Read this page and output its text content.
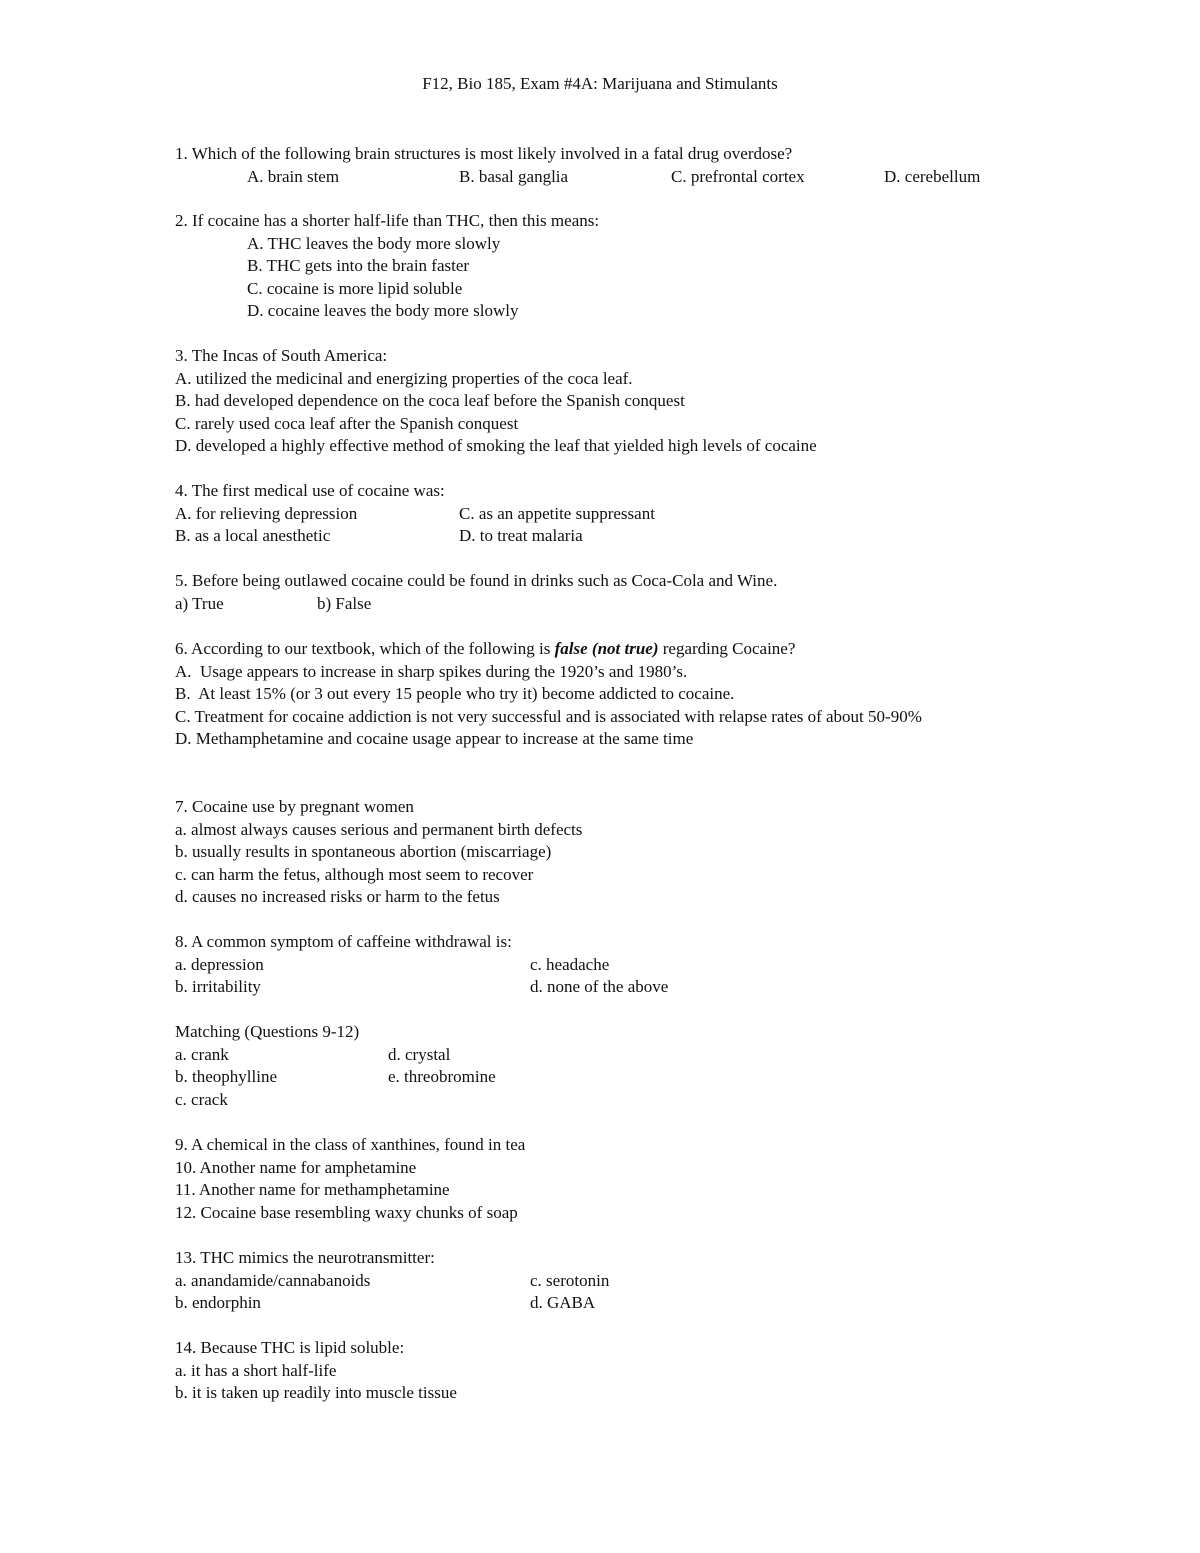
F12, Bio 185, Exam #4A: Marijuana and Stimulants
1. Which of the following brain structures is most likely involved in a fatal drug overdose?
A. brain stem	B. basal ganglia	C. prefrontal cortex	D. cerebellum
2. If cocaine has a shorter half-life than THC, then this means:
A. THC leaves the body more slowly
B. THC gets into the brain faster
C. cocaine is more lipid soluble
D. cocaine leaves the body more slowly
3. The Incas of South America:
A. utilized the medicinal and energizing properties of the coca leaf.
B. had developed dependence on the coca leaf before the Spanish conquest
C. rarely used coca leaf after the Spanish conquest
D. developed a highly effective method of smoking the leaf that yielded high levels of cocaine
4. The first medical use of cocaine was:
A. for relieving depression	C. as an appetite suppressant
B. as a local anesthetic	D. to treat malaria
5. Before being outlawed cocaine could be found in drinks such as Coca-Cola and Wine.
a) True	b) False
6. According to our textbook, which of the following is false (not true) regarding Cocaine?
A.  Usage appears to increase in sharp spikes during the 1920’s and 1980’s.
B.  At least 15% (or 3 out every 15 people who try it) become addicted to cocaine.
C. Treatment for cocaine addiction is not very successful and is associated with relapse rates of about 50-90%
D. Methamphetamine and cocaine usage appear to increase at the same time
7. Cocaine use by pregnant women
a. almost always causes serious and permanent birth defects
b. usually results in spontaneous abortion (miscarriage)
c. can harm the fetus, although most seem to recover
d. causes no increased risks or harm to the fetus
8. A common symptom of caffeine withdrawal is:
a. depression	c. headache
b. irritability	d. none of the above
Matching (Questions 9-12)
a. crank	d. crystal
b. theophylline	e. threobromine
c. crack
9. A chemical in the class of xanthines, found in tea
10. Another name for amphetamine
11. Another name for methamphetamine
12. Cocaine base resembling waxy chunks of soap
13. THC mimics the neurotransmitter:
a. anandamide/cannabanoids	c. serotonin
b. endorphin	d. GABA
14. Because THC is lipid soluble:
a. it has a short half-life
b. it is taken up readily into muscle tissue
